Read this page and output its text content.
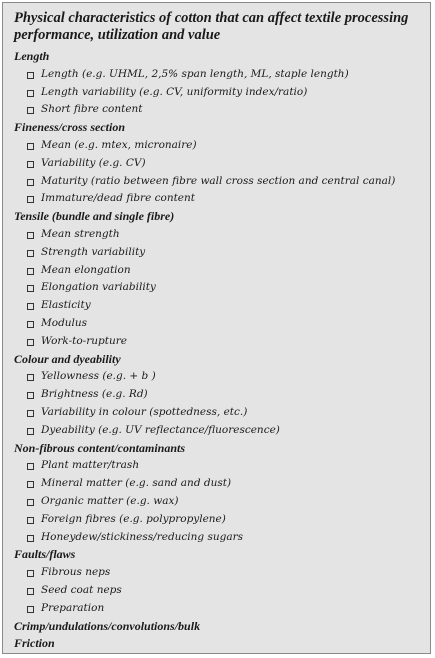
Physical characteristics of cotton that can affect textile processing performance, utilization and value
Length
Length (e.g. UHML, 2,5% span length, ML, staple length)
Length variability (e.g. CV, uniformity index/ratio)
Short fibre content
Fineness/cross section
Mean (e.g. mtex, micronaire)
Variability (e.g. CV)
Maturity (ratio between fibre wall cross section and central canal)
Immature/dead fibre content
Tensile (bundle and single fibre)
Mean strength
Strength variability
Mean elongation
Elongation variability
Elasticity
Modulus
Work-to-rupture
Colour and dyeability
Yellowness (e.g. + b )
Brightness (e.g. Rd)
Variability in colour (spottedness, etc.)
Dyeability (e.g. UV reflectance/fluorescence)
Non-fibrous content/contaminants
Plant matter/trash
Mineral matter (e.g. sand and dust)
Organic matter (e.g. wax)
Foreign fibres (e.g. polypropylene)
Honeydew/stickiness/reducing sugars
Faults/flaws
Fibrous neps
Seed coat neps
Preparation
Crimp/undulations/convolutions/bulk
Friction
